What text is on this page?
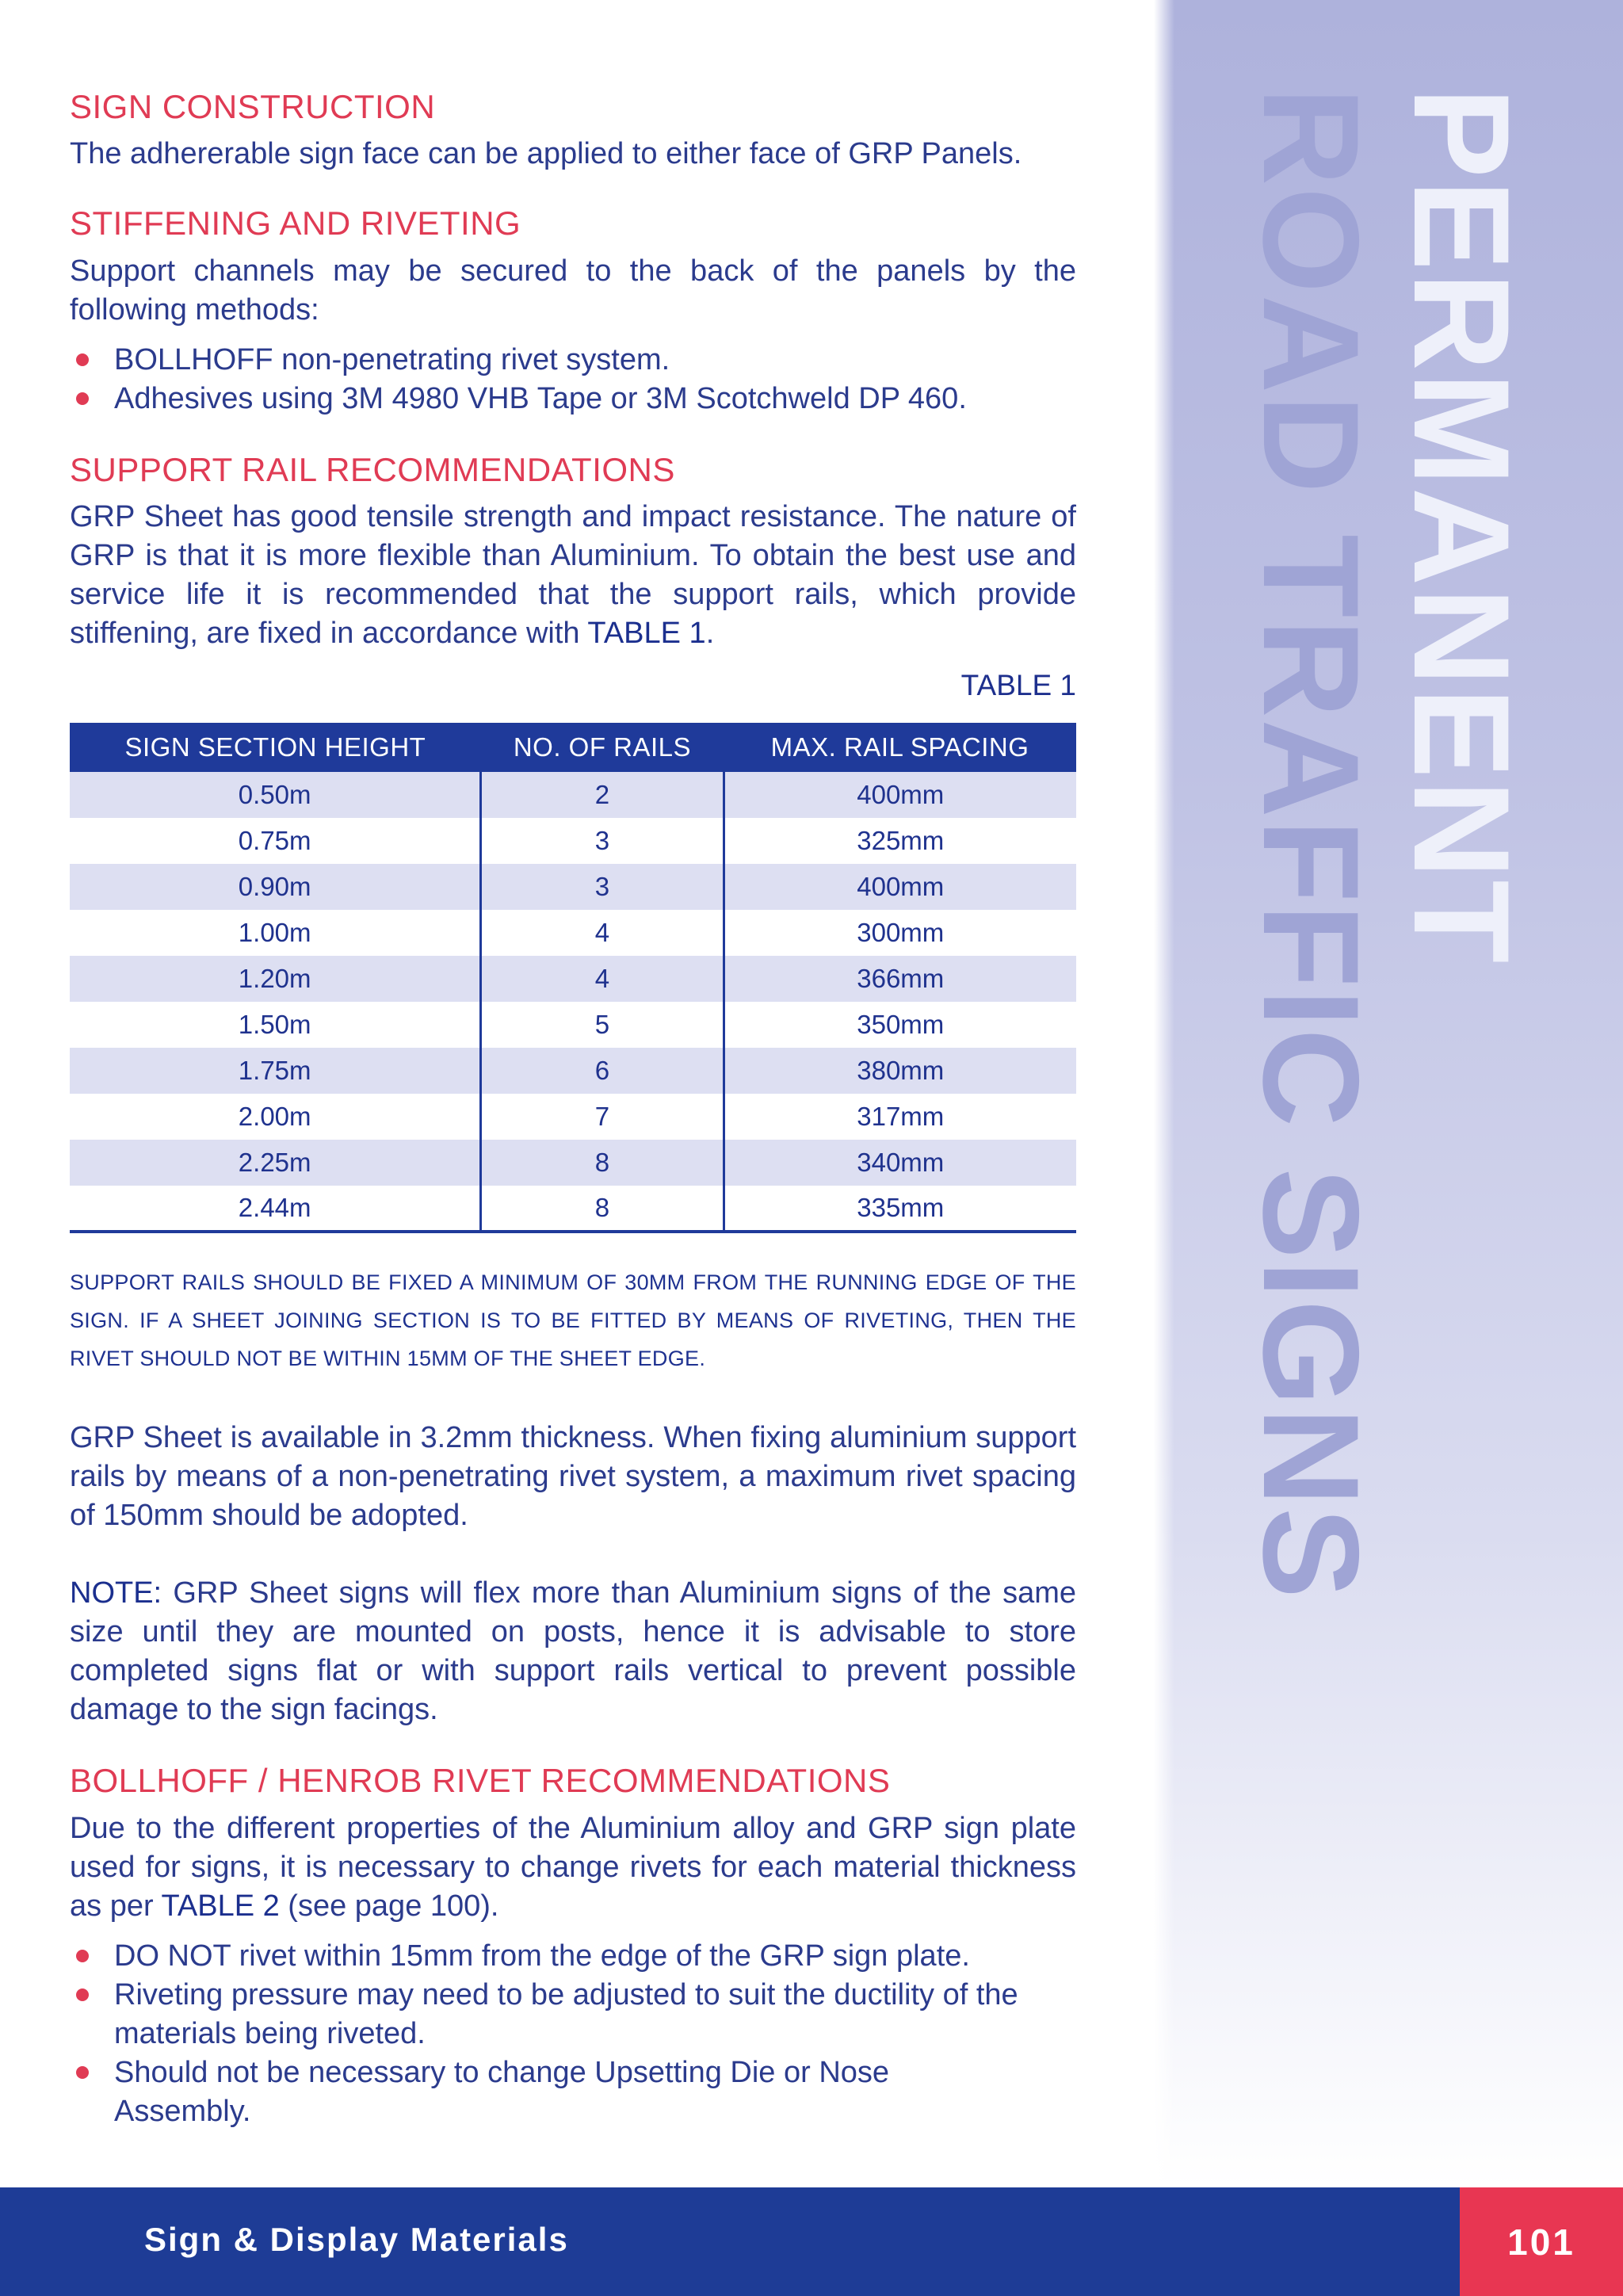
ROAD TRAFFIC SIGNS
PERMANENT
SIGN CONSTRUCTION

The adhererable sign face can be applied to either face of GRP Panels.

STIFFENING AND RIVETING

Support channels may be secured to the back of the panels by the following methods:

BOLLHOFF non-penetrating rivet system.
Adhesives using 3M 4980 VHB Tape or 3M Scotchweld DP 460.
SUPPORT RAIL RECOMMENDATIONS

GRP Sheet has good tensile strength and impact resistance. The nature of GRP is that it is more flexible than Aluminium. To obtain the best use and service life it is recommended that the support rails, which provide stiffening, are fixed in accordance with TABLE 1.

TABLE 1
SIGN SECTION HEIGHT	NO. OF RAILS	MAX. RAIL SPACING
0.50m	2	400mm
0.75m	3	325mm
0.90m	3	400mm
1.00m	4	300mm
1.20m	4	366mm
1.50m	5	350mm
1.75m	6	380mm
2.00m	7	317mm
2.25m	8	340mm
2.44m	8	335mm

SUPPORT RAILS SHOULD BE FIXED A MINIMUM OF 30MM FROM THE RUNNING EDGE OF THE SIGN. IF A SHEET JOINING SECTION IS TO BE FITTED BY MEANS OF RIVETING, THEN THE RIVET SHOULD NOT BE WITHIN 15MM OF THE SHEET EDGE.

GRP Sheet is available in 3.2mm thickness. When fixing aluminium support rails by means of a non-penetrating rivet system, a maximum rivet spacing of 150mm should be adopted.

NOTE: GRP Sheet signs will flex more than Aluminium signs of the same size until they are mounted on posts, hence it is advisable to store completed signs flat or with support rails vertical to prevent possible damage to the sign facings.

BOLLHOFF / HENROB RIVET RECOMMENDATIONS

Due to the different properties of the Aluminium alloy and GRP sign plate used for signs, it is necessary to change rivets for each material thickness as per TABLE 2 (see page 100).

DO NOT rivet within 15mm from the edge of the GRP sign plate.
Riveting pressure may need to be adjusted to suit the ductility of the materials being riveted.
Should not be necessary to change Upsetting Die or Nose Assembly.
Sign & Display Materials	101
